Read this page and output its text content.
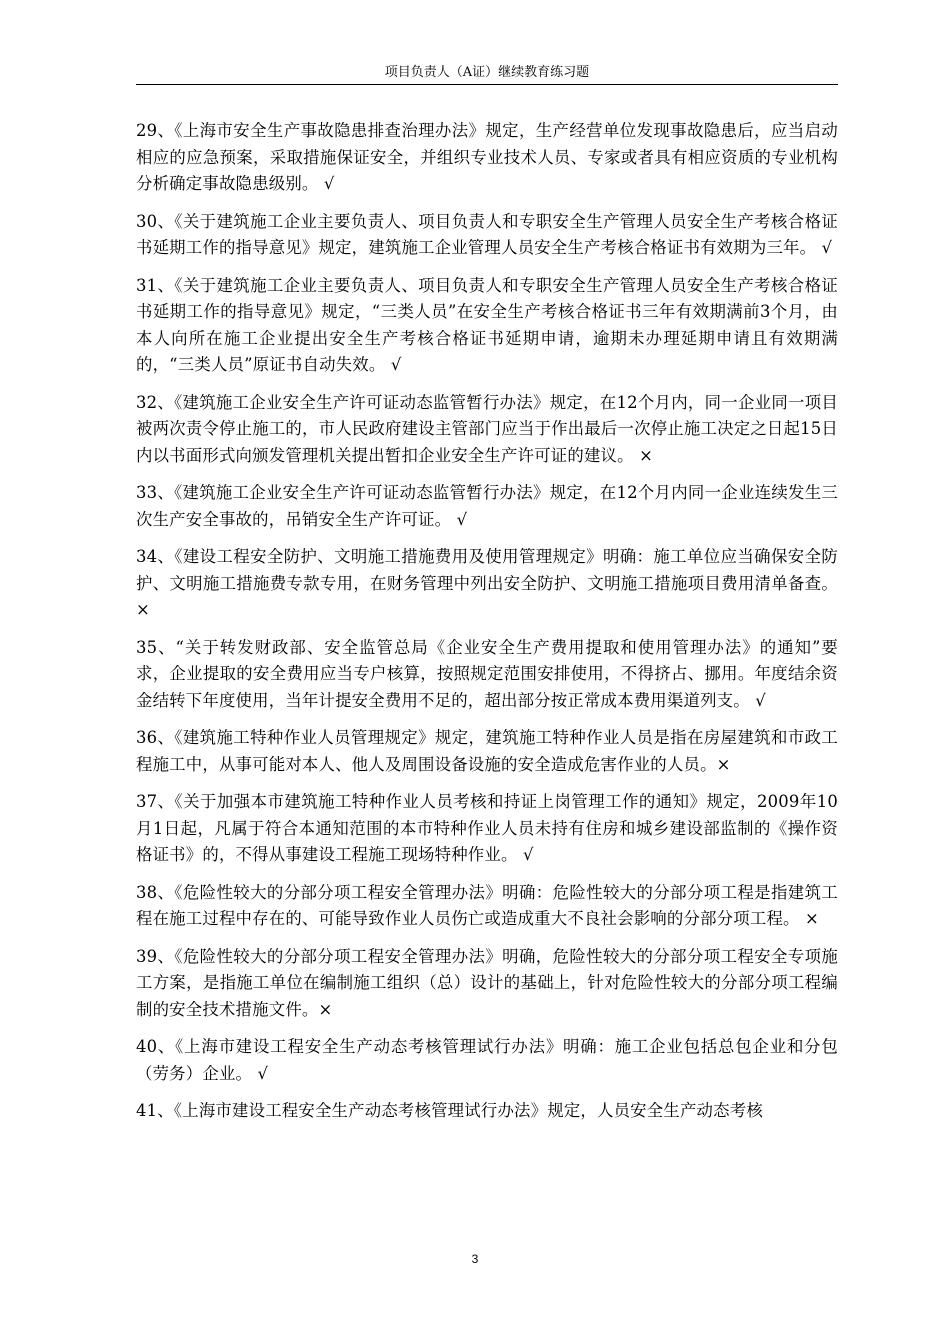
项目负责人（A证）继续教育练习题

29、《上海市安全生产事故隐患排查治理办法》规定，生产经营单位发现事故隐患后，应当启动相应的应急预案，采取措施保证安全，并组织专业技术人员、专家或者具有相应资质的专业机构分析确定事故隐患级别。 √

30、《关于建筑施工企业主要负责人、项目负责人和专职安全生产管理人员安全生产考核合格证书延期工作的指导意见》规定，建筑施工企业管理人员安全生产考核合格证书有效期为三年。 √

31、《关于建筑施工企业主要负责人、项目负责人和专职安全生产管理人员安全生产考核合格证书延期工作的指导意见》规定，“三类人员”在安全生产考核合格证书三年有效期满前3个月，由本人向所在施工企业提出安全生产考核合格证书延期申请，逾期未办理延期申请且有效期满的，“三类人员”原证书自动失效。 √

32、《建筑施工企业安全生产许可证动态监管暂行办法》规定，在12个月内，同一企业同一项目被两次责令停止施工的，市人民政府建设主管部门应当于作出最后一次停止施工决定之日起15日内以书面形式向颁发管理机关提出暂扣企业安全生产许可证的建议。 ×

33、《建筑施工企业安全生产许可证动态监管暂行办法》规定，在12个月内同一企业连续发生三次生产安全事故的，吊销安全生产许可证。 √

34、《建设工程安全防护、文明施工措施费用及使用管理规定》明确：施工单位应当确保安全防护、文明施工措施费专款专用，在财务管理中列出安全防护、文明施工措施项目费用清单备查。 ×

35、“关于转发财政部、安全监管总局《企业安全生产费用提取和使用管理办法》的通知”要求，企业提取的安全费用应当专户核算，按照规定范围安排使用，不得挤占、挪用。年度结余资金结转下年度使用，当年计提安全费用不足的，超出部分按正常成本费用渠道列支。 √

36、《建筑施工特种作业人员管理规定》规定，建筑施工特种作业人员是指在房屋建筑和市政工程施工中，从事可能对本人、他人及周围设备设施的安全造成危害作业的人员。×

37、《关于加强本市建筑施工特种作业人员考核和持证上岗管理工作的通知》规定，2009年10月1日起，凡属于符合本通知范围的本市特种作业人员未持有住房和城乡建设部监制的《操作资格证书》的，不得从事建设工程施工现场特种作业。 √

38、《危险性较大的分部分项工程安全管理办法》明确：危险性较大的分部分项工程是指建筑工程在施工过程中存在的、可能导致作业人员伤亡或造成重大不良社会影响的分部分项工程。 ×

39、《危险性较大的分部分项工程安全管理办法》明确，危险性较大的分部分项工程安全专项施工方案，是指施工单位在编制施工组织（总）设计的基础上，针对危险性较大的分部分项工程编制的安全技术措施文件。×

40、《上海市建设工程安全生产动态考核管理试行办法》明确：施工企业包括总包企业和分包（劳务）企业。 √

41、《上海市建设工程安全生产动态考核管理试行办法》规定，人员安全生产动态考核

3
